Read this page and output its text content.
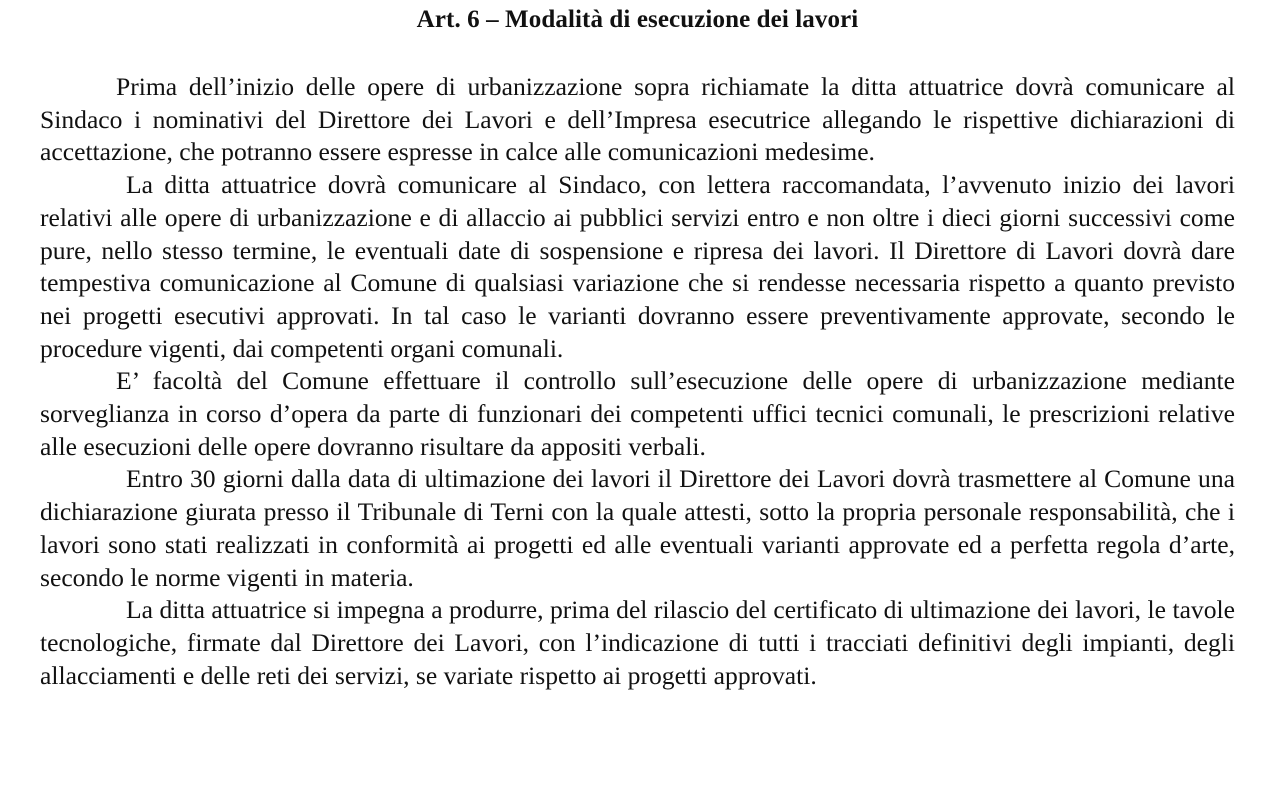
Art. 6 – Modalità di esecuzione dei lavori

Prima dell’inizio delle opere di urbanizzazione sopra richiamate la ditta attuatrice dovrà comunicare al Sindaco i nominativi del Direttore dei Lavori e dell’Impresa esecutrice allegando le rispettive dichiarazioni di accettazione, che potranno essere espresse in calce alle comunicazioni medesime.

La ditta attuatrice dovrà comunicare al Sindaco, con lettera raccomandata, l’avvenuto inizio dei lavori relativi alle opere di urbanizzazione e di allaccio ai pubblici servizi entro e non oltre i dieci giorni successivi come pure, nello stesso termine, le eventuali date di sospensione e ripresa dei lavori. Il Direttore di Lavori dovrà dare tempestiva comunicazione al Comune di qualsiasi variazione che si rendesse necessaria rispetto a quanto previsto nei progetti esecutivi approvati. In tal caso le varianti dovranno essere preventivamente approvate, secondo le procedure vigenti, dai competenti organi comunali.

E’ facoltà del Comune effettuare il controllo sull’esecuzione delle opere di urbanizzazione mediante sorveglianza in corso d’opera da parte di funzionari dei competenti uffici tecnici comunali, le prescrizioni relative alle esecuzioni delle opere dovranno risultare da appositi verbali.

Entro 30 giorni dalla data di ultimazione dei lavori il Direttore dei Lavori dovrà trasmettere al Comune una dichiarazione giurata presso il Tribunale di Terni con la quale attesti, sotto la propria personale responsabilità, che i lavori sono stati realizzati in conformità ai progetti ed alle eventuali varianti approvate ed a perfetta regola d’arte, secondo le norme vigenti in materia.

La ditta attuatrice si impegna a produrre, prima del rilascio del certificato di ultimazione dei lavori, le tavole tecnologiche, firmate dal Direttore dei Lavori, con l’indicazione di tutti i tracciati definitivi degli impianti, degli allacciamenti e delle reti dei servizi, se variate rispetto ai progetti approvati.
